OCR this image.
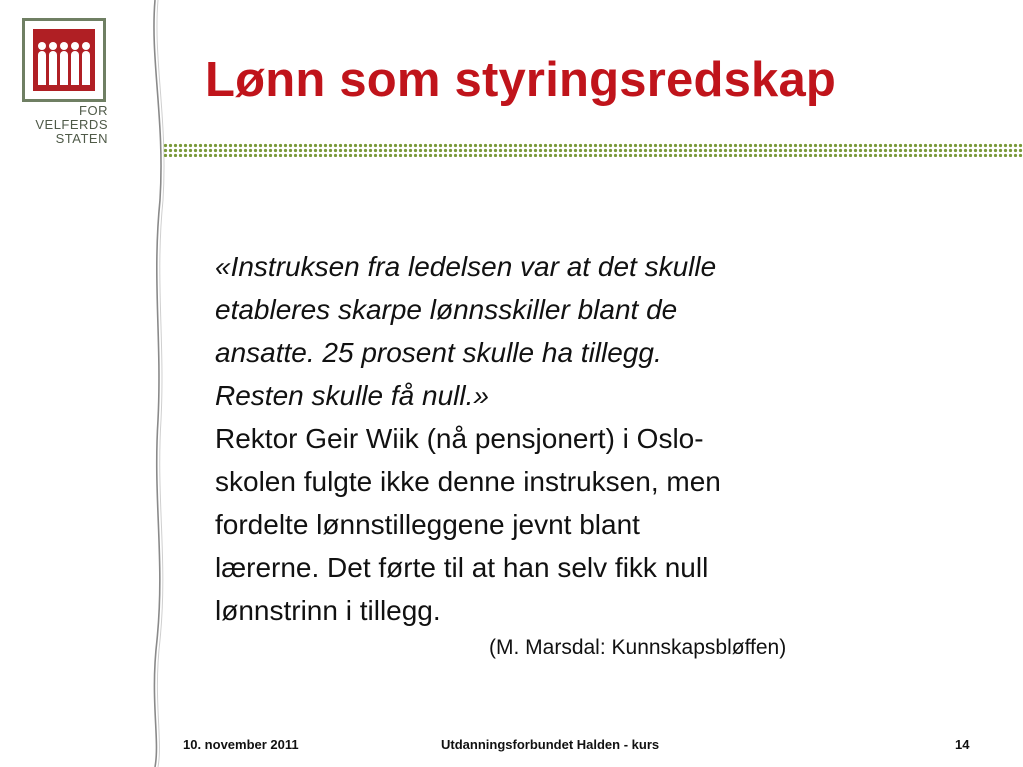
FOR
VELFERDS
STATEN
Lønn som styringsredskap
«Instruksen fra ledelsen var at det skulle
etableres skarpe lønnsskiller blant de
ansatte. 25 prosent skulle ha tillegg.
Resten skulle få null.»
Rektor Geir Wiik (nå pensjonert) i Oslo-
skolen fulgte ikke denne instruksen, men
fordelte lønnstilleggene jevnt blant
lærerne. Det førte til at han selv fikk null
lønnstrinn i tillegg.
(M. Marsdal: Kunnskapsbløffen)
10. november 2011	Utdanningsforbundet Halden - kurs	14
